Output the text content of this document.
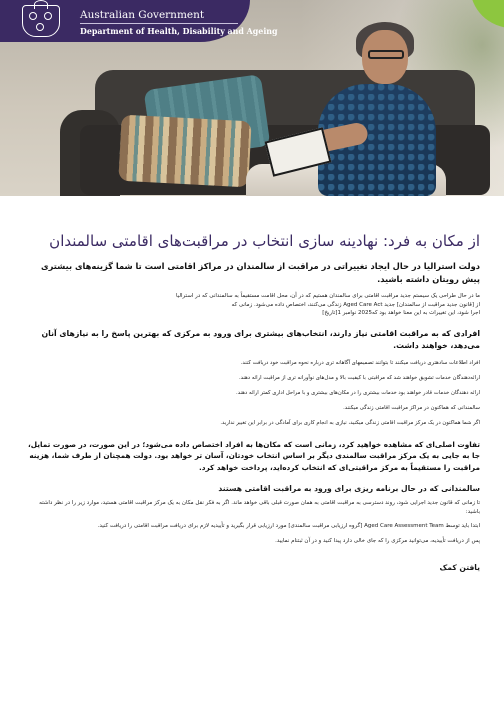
Australian Government
Department of Health, Disability and Ageing
از مکان به فرد: نهادینه سازی انتخاب در مراقبت‌های اقامتی سالمندان

دولت استرالیا در حال ایجاد تغییراتی در مراقبت از سالمندان در مراکز اقامتی است تا شما گزینه‌های بیشتری پیش رویتان داشته باشید.

ما در حال طراحی یک سیستم جدید مراقبت اقامتی برای سالمندان هستیم که در آن، محل اقامت مستقیماً به سالمندانی که در استرالیا

از [قانون جدید مراقبت از سالمندان] جدید Aged Care Act زندگی می‌کنند، اختصاص داده می‌شود. زمانی که

اجرا شود، این تغییرات به این معنا خواهد بود که2025 نوامبر 1[تاریخ]

افرادی که به مراقبت اقامتی نیاز دارند، انتخاب‌های بیشتری برای ورود به مرکزی که بهترین پاسخ را به نیازهای آنان می‌دهد، خواهند داشت.

افراد اطلاعات سادهتری دریافت میکنند تا بتوانند تصمیمهای آگاهانه تری درباره نحوه مراقبت خود دریافت کنند.

ارائه‌دهندگان خدمات تشویق خواهند شد که مراقبتی با کیفیت بالا و مدل‌های نوآورانه تری از مراقبت ارائه دهند.

ارائه دهندگان خدمات قادر خواهند بود خدمات بیشتری را در مکان‌های بیشتری و با مراحل اداری کمتر ارائه دهند.

سالمندانی که هماکنون در مراکز مراقبت اقامتی زندگی میکنند.

اگر شما هماکنون در یک مرکز مراقبت اقامتی زندگی میکنید، نیازی به انجام کاری برای آمادگی در برابر این تغییر ندارید.

تفاوت اصلی‌ای که مشاهده خواهید کرد، زمانی است که مکان‌ها به افراد اختصاص داده می‌شود؛ در این صورت، در صورت تمایل، جا به جایی به یک مرکز مراقبت سالمندی دیگر بر اساس انتخاب خودتان، آسان تر خواهد بود. دولت همچنان از طرف شما، هزینه مراقبت را مستقیماً به مرکز مراقبتی‌ای که انتخاب کرده‌اید، پرداخت خواهد کرد.

سالمندانی که در حال برنامه ریزی برای ورود به مراقبت اقامتی هستند

تا زمانی که قانون جدید اجرایی شود، روند دسترسی به مراقبت اقامتی به همان صورت قبلی باقی خواهد ماند. اگر به فکر نقل مکان به یک مرکز مراقبت اقامتی هستید، موارد زیر را در نظر داشته باشید:

ابتدا باید توسط Aged Care Assessment Team [گروه ارزیابی مراقبت سالمندی] مورد ارزیابی قرار بگیرید و تأییدیه لازم برای دریافت مراقبت اقامتی را دریافت کنید.

پس از دریافت تأییدیه، می‌توانید مرکزی را که جای خالی دارد پیدا کنید و در آن ثبتنام نمایید.

یافتن کمک
